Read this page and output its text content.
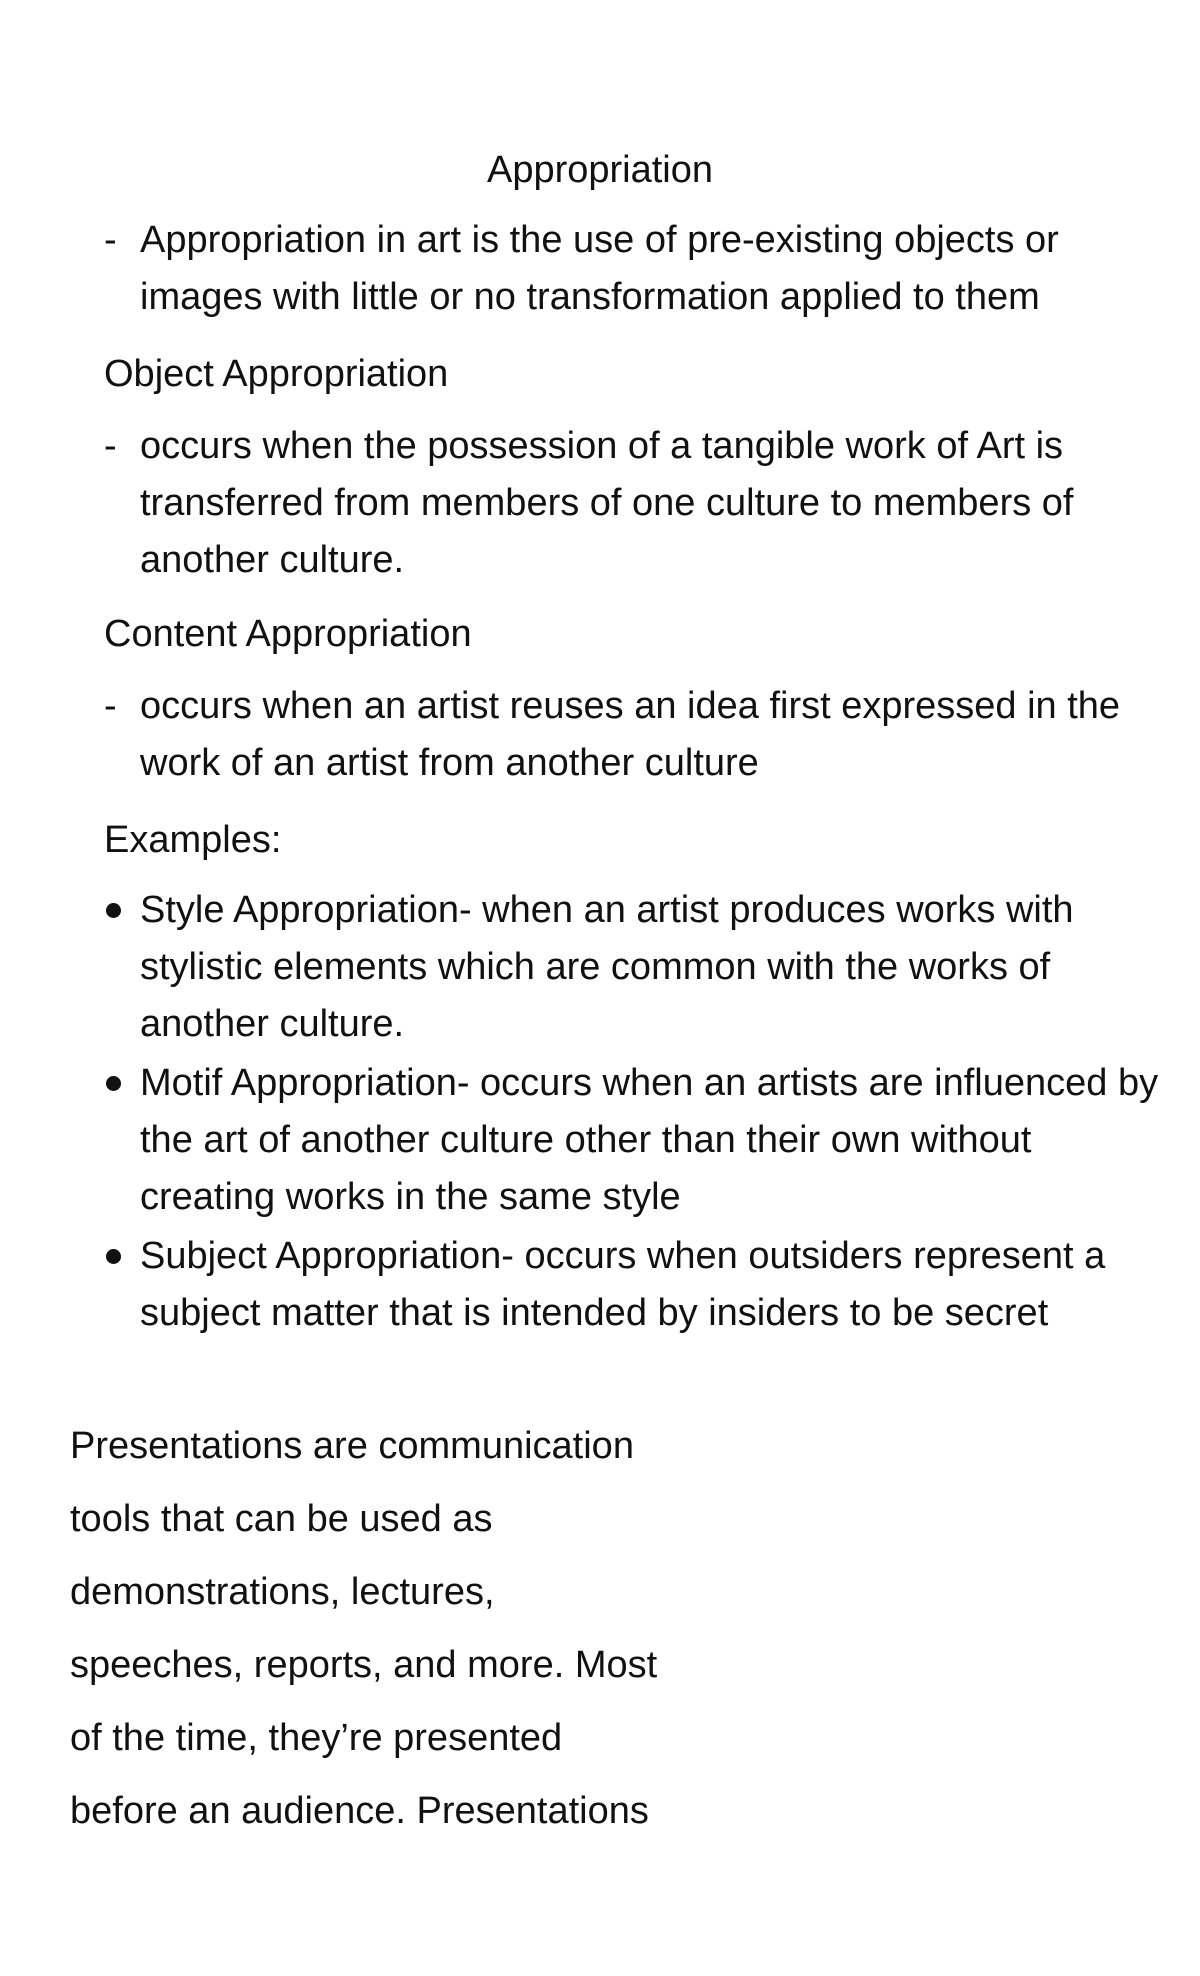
Appropriation
- Appropriation in art is the use of pre-existing objects or images with little or no transformation applied to them
Object Appropriation
- occurs when the possession of a tangible work of Art is transferred from members of one culture to members of another culture.
Content Appropriation
- occurs when an artist reuses an idea first expressed in the work of an artist from another culture
Examples:
Style Appropriation- when an artist produces works with stylistic elements which are common with the works of another culture.
Motif Appropriation- occurs when an artists are influenced by the art of another culture other than their own without creating works in the same style
Subject Appropriation- occurs when outsiders represent a subject matter that is intended by insiders to be secret
Presentations are communication
tools that can be used as
demonstrations, lectures,
speeches, reports, and more. Most
of the time, they’re presented
before an audience. Presentations
